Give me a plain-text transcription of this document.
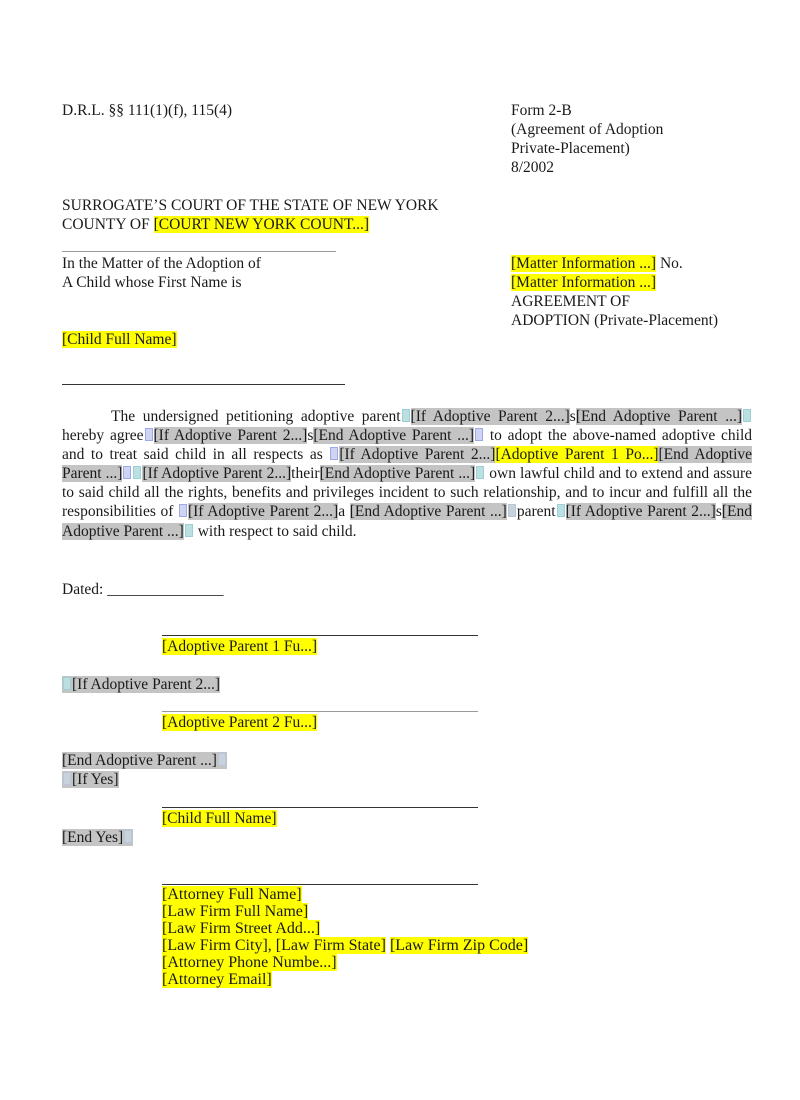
D.R.L. §§ 111(1)(f), 115(4)	Form 2-B
(Agreement of Adoption
Private-Placement)
8/2002
SURROGATE’S COURT OF THE STATE OF NEW YORK
COUNTY OF [COURT NEW YORK COUNT...]
In the Matter of the Adoption of
A Child whose First Name is
[Child Full Name]
[Matter Information ...] No.
[Matter Information ...]
AGREEMENT OF
ADOPTION (Private-Placement)
The undersigned petitioning adoptive parent [If Adoptive Parent 2...]s[End Adoptive Parent ...] hereby agree [If Adoptive Parent 2...]s[End Adoptive Parent ...] to adopt the above-named adoptive child and to treat said child in all respects as [If Adoptive Parent 2...][Adoptive Parent 1 Po...][End Adoptive Parent ...] [If Adoptive Parent 2...]their[End Adoptive Parent ...] own lawful child and to extend and assure to said child all the rights, benefits and privileges incident to such relationship, and to incur and fulfill all the responsibilities of [If Adoptive Parent 2...]a [End Adoptive Parent ...] parent [If Adoptive Parent 2...]s[End Adoptive Parent ...] with respect to said child.
Dated: _______________
[Adoptive Parent 1 Fu...]
[If Adoptive Parent 2...]
[Adoptive Parent 2 Fu...]
[End Adoptive Parent ...]
[If Yes]
[Child Full Name]
[End Yes]
[Attorney Full Name]
[Law Firm Full Name]
[Law Firm Street Add...]
[Law Firm City], [Law Firm State] [Law Firm Zip Code]
[Attorney Phone Numbe...]
[Attorney Email]
